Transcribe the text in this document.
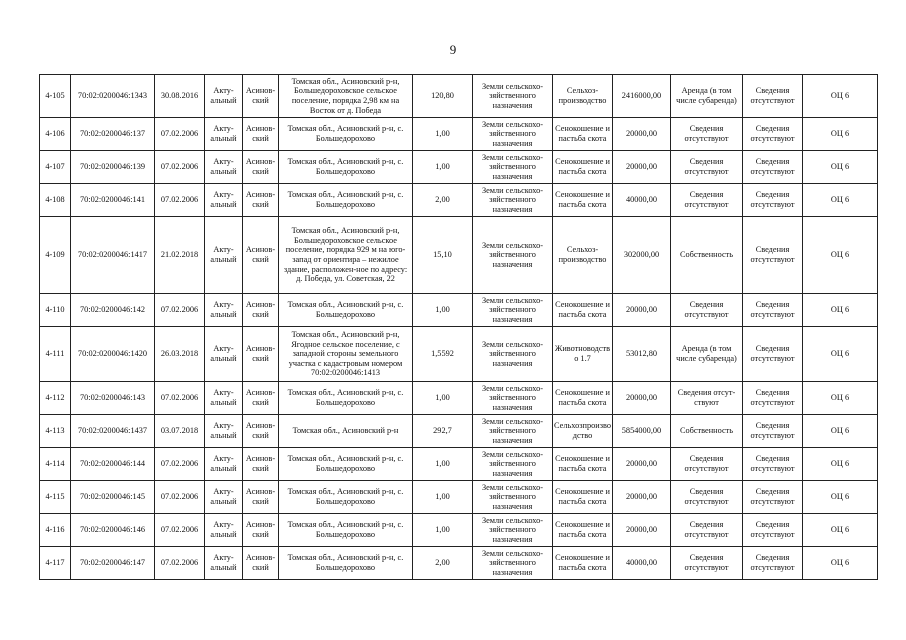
9
4-105	70:02:0200046:1343	30.08.2016	Акту-альный	Асинов-ский	Томская обл., Асиновский р-н, Большедороховское сельское поселение, порядка 2,98 км на Восток от д. Победа	120,80	Земли сельскохо-зяйственного назначения	Сельхоз-производство	2416000,00	Аренда (в том числе субаренда)	Сведения отсутствуют	ОЦ 6
4-106	70:02:0200046:137	07.02.2006	Акту-альный	Асинов-ский	Томская обл., Асиновский р-н, с. Большедорохово	1,00	Земли сельскохо-зяйственного назначения	Сенокошение и пастьба скота	20000,00	Сведения отсутствуют	Сведения отсутствуют	ОЦ 6
4-107	70:02:0200046:139	07.02.2006	Акту-альный	Асинов-ский	Томская обл., Асиновский р-н, с. Большедорохово	1,00	Земли сельскохо-зяйственного назначения	Сенокошение и пастьба скота	20000,00	Сведения отсутствуют	Сведения отсутствуют	ОЦ 6
4-108	70:02:0200046:141	07.02.2006	Акту-альный	Асинов-ский	Томская обл., Асиновский р-н, с. Большедорохово	2,00	Земли сельскохо-зяйственного назначения	Сенокошение и пастьба скота	40000,00	Сведения отсутствуют	Сведения отсутствуют	ОЦ 6
4-109	70:02:0200046:1417	21.02.2018	Акту-альный	Асинов-ский	Томская обл., Асиновский р-н, Большедороховское сельское поселение, порядка 929 м на юго-запад от ориентира – нежилое здание, расположен-ное по адресу: д. Победа, ул. Советская, 22	15,10	Земли сельскохо-зяйственного назначения	Сельхоз-производство	302000,00	Собственность	Сведения отсутствуют	ОЦ 6
4-110	70:02:0200046:142	07.02.2006	Акту-альный	Асинов-ский	Томская обл., Асиновский р-н, с. Большедорохово	1,00	Земли сельскохо-зяйственного назначения	Сенокошение и пастьба скота	20000,00	Сведения отсутствуют	Сведения отсутствуют	ОЦ 6
4-111	70:02:0200046:1420	26.03.2018	Акту-альный	Асинов-ский	Томская обл., Асиновский р-н, Ягодное сельское поселение, с западной стороны земельного участка с кадастровым номером 70:02:0200046:1413	1,5592	Земли сельскохо-зяйственного назначения	Животноводство 1.7	53012,80	Аренда (в том числе субаренда)	Сведения отсутствуют	ОЦ 6
4-112	70:02:0200046:143	07.02.2006	Акту-альный	Асинов-ский	Томская обл., Асиновский р-н, с. Большедорохово	1,00	Земли сельскохо-зяйственного назначения	Сенокошение и пастьба скота	20000,00	Сведения отсут-ствуют	Сведения отсутствуют	ОЦ 6
4-113	70:02:0200046:1437	03.07.2018	Акту-альный	Асинов-ский	Томская обл., Асиновский р-н	292,7	Земли сельскохо-зяйственного назначения	Сельхозпроизводство	5854000,00	Собственность	Сведения отсутствуют	ОЦ 6
4-114	70:02:0200046:144	07.02.2006	Акту-альный	Асинов-ский	Томская обл., Асиновский р-н, с. Большедорохово	1,00	Земли сельскохо-зяйственного назначения	Сенокошение и пастьба скота	20000,00	Сведения отсутствуют	Сведения отсутствуют	ОЦ 6
4-115	70:02:0200046:145	07.02.2006	Акту-альный	Асинов-ский	Томская обл., Асиновский р-н, с. Большедорохово	1,00	Земли сельскохо-зяйственного назначения	Сенокошение и пастьба скота	20000,00	Сведения отсутствуют	Сведения отсутствуют	ОЦ 6
4-116	70:02:0200046:146	07.02.2006	Акту-альный	Асинов-ский	Томская обл., Асиновский р-н, с. Большедорохово	1,00	Земли сельскохо-зяйственного назначения	Сенокошение и пастьба скота	20000,00	Сведения отсутствуют	Сведения отсутствуют	ОЦ 6
4-117	70:02:0200046:147	07.02.2006	Акту-альный	Асинов-ский	Томская обл., Асиновский р-н, с. Большедорохово	2,00	Земли сельскохо-зяйственного назначения	Сенокошение и пастьба скота	40000,00	Сведения отсутствуют	Сведения отсутствуют	ОЦ 6
